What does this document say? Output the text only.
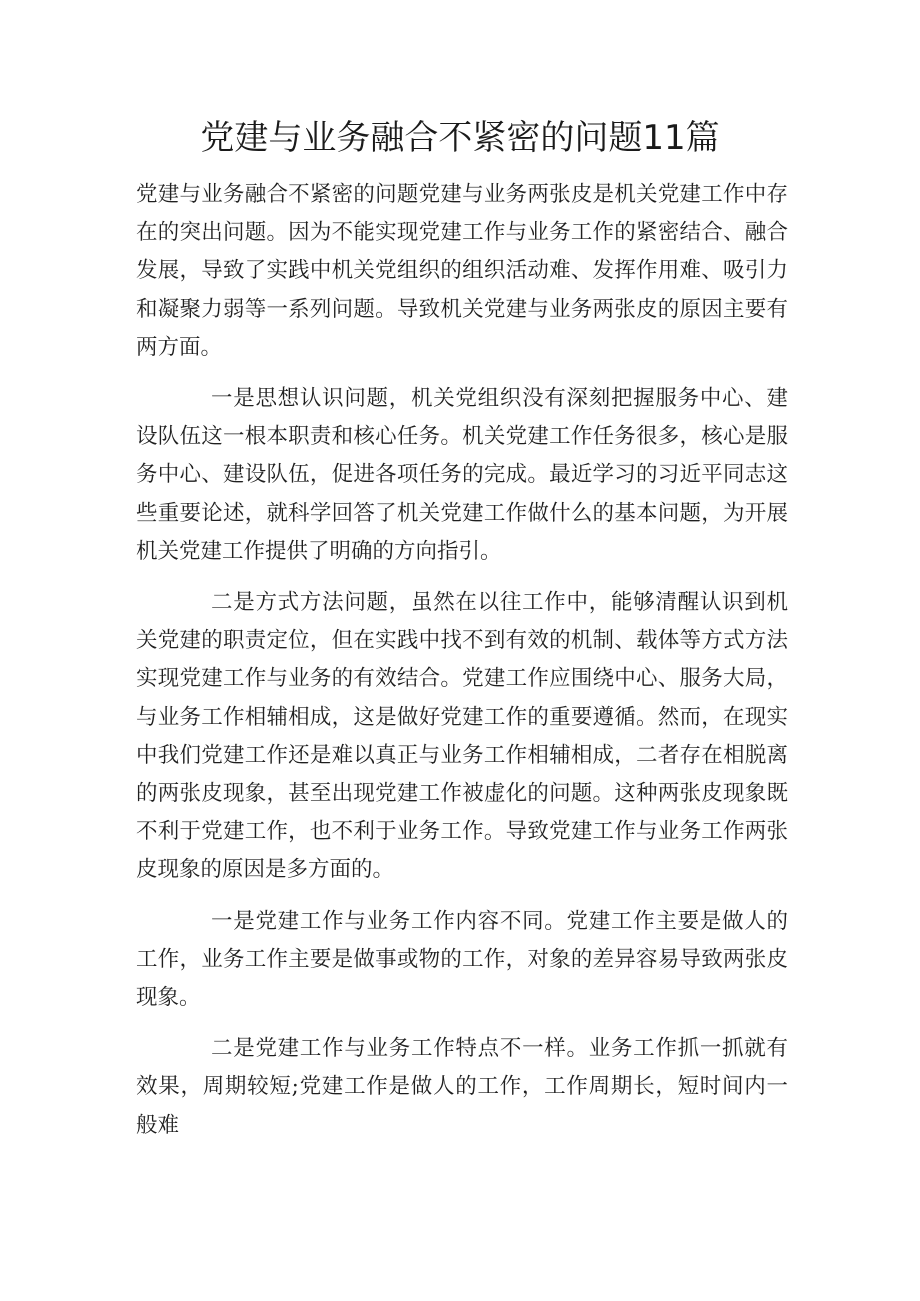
党建与业务融合不紧密的问题11篇

党建与业务融合不紧密的问题党建与业务两张皮是机关党建工作中存在的突出问题。因为不能实现党建工作与业务工作的紧密结合、融合发展，导致了实践中机关党组织的组织活动难、发挥作用难、吸引力和凝聚力弱等一系列问题。导致机关党建与业务两张皮的原因主要有两方面。

一是思想认识问题，机关党组织没有深刻把握服务中心、建设队伍这一根本职责和核心任务。机关党建工作任务很多，核心是服务中心、建设队伍，促进各项任务的完成。最近学习的习近平同志这些重要论述，就科学回答了机关党建工作做什么的基本问题，为开展机关党建工作提供了明确的方向指引。

二是方式方法问题，虽然在以往工作中，能够清醒认识到机关党建的职责定位，但在实践中找不到有效的机制、载体等方式方法实现党建工作与业务的有效结合。党建工作应围绕中心、服务大局，与业务工作相辅相成，这是做好党建工作的重要遵循。然而，在现实中我们党建工作还是难以真正与业务工作相辅相成，二者存在相脱离的两张皮现象，甚至出现党建工作被虚化的问题。这种两张皮现象既不利于党建工作，也不利于业务工作。导致党建工作与业务工作两张皮现象的原因是多方面的。

一是党建工作与业务工作内容不同。党建工作主要是做人的工作，业务工作主要是做事或物的工作，对象的差异容易导致两张皮现象。

二是党建工作与业务工作特点不一样。业务工作抓一抓就有效果，周期较短;党建工作是做人的工作，工作周期长，短时间内一般难
